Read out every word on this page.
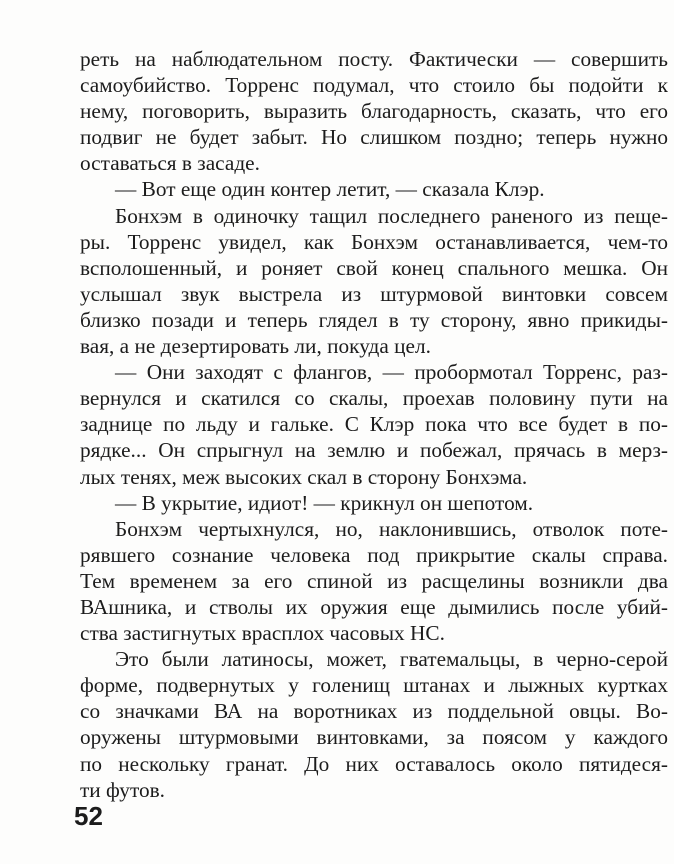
реть на наблюдательном посту. Фактически — совершить
самоубийство. Торренс подумал, что стоило бы подойти к
нему, поговорить, выразить благодарность, сказать, что его
подвиг не будет забыт. Но слишком поздно; теперь нужно
оставаться в засаде.
— Вот еще один контер летит, — сказала Клэр.
Бонхэм в одиночку тащил последнего раненого из пеще-
ры. Торренс увидел, как Бонхэм останавливается, чем-то
всполошенный, и роняет свой конец спального мешка. Он
услышал звук выстрела из штурмовой винтовки совсем
близко позади и теперь глядел в ту сторону, явно прикиды-
вая, а не дезертировать ли, покуда цел.
— Они заходят с флангов, — пробормотал Торренс, раз-
вернулся и скатился со скалы, проехав половину пути на
заднице по льду и гальке. С Клэр пока что все будет в по-
рядке... Он спрыгнул на землю и побежал, прячась в мерз-
лых тенях, меж высоких скал в сторону Бонхэма.
— В укрытие, идиот! — крикнул он шепотом.
Бонхэм чертыхнулся, но, наклонившись, отволок поте-
рявшего сознание человека под прикрытие скалы справа.
Тем временем за его спиной из расщелины возникли два
ВАшника, и стволы их оружия еще дымились после убий-
ства застигнутых врасплох часовых НС.
Это были латиносы, может, гватемальцы, в черно-серой
форме, подвернутых у голенищ штанах и лыжных куртках
со значками ВА на воротниках из поддельной овцы. Во-
оружены штурмовыми винтовками, за поясом у каждого
по нескольку гранат. До них оставалось около пятидеся-
ти футов.
52
